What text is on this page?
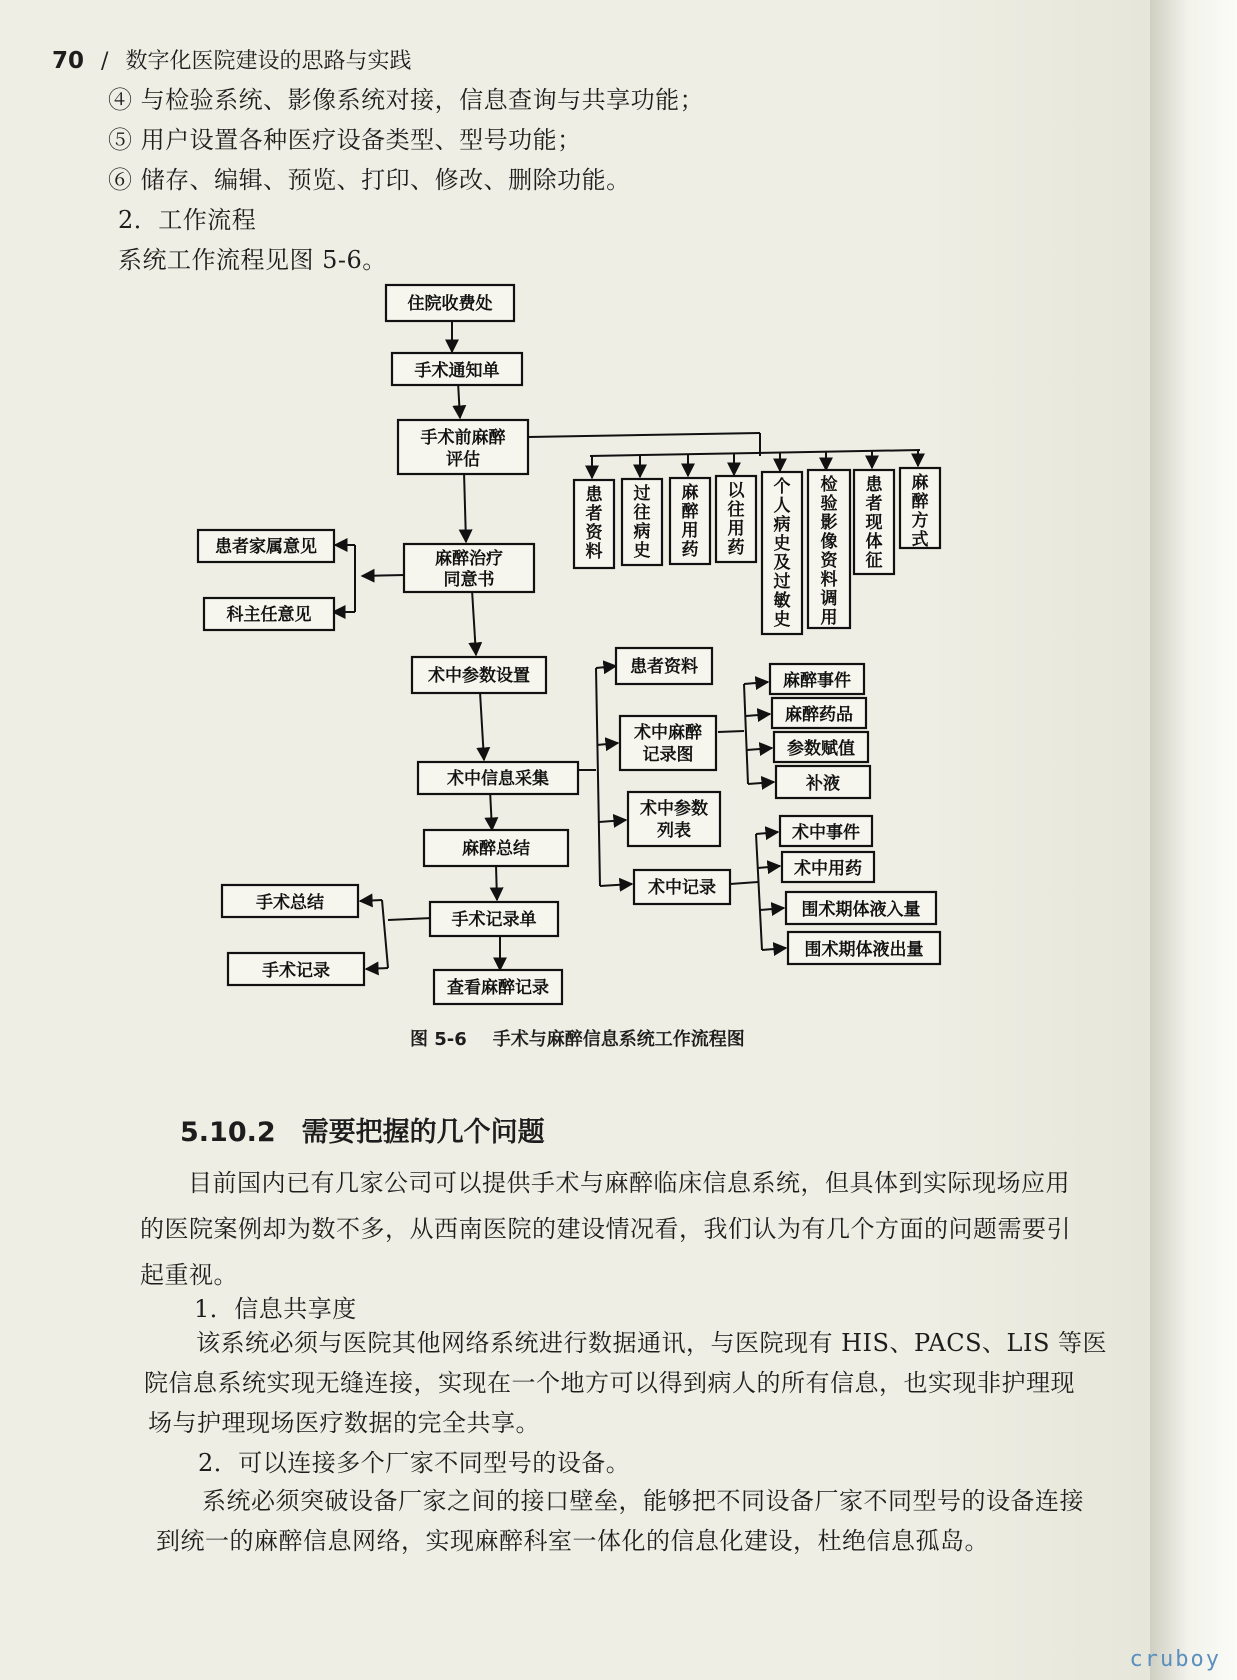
70 / 数字化医院建设的思路与实践
④ 与检验系统、影像系统对接，信息查询与共享功能；
⑤ 用户设置各种医疗设备类型、型号功能；
⑥ 储存、编辑、预览、打印、修改、删除功能。
2．工作流程
系统工作流程见图 5-6。
住院收费处
手术通知单
手术前麻醉
评估
麻醉治疗
同意书
术中参数设置
术中信息采集
麻醉总结
手术记录单
查看麻醉记录
患者家属意见
科主任意见
患者资料
术中麻醉
记录图
术中参数
列表
术中记录
麻醉事件
麻醉药品
参数赋值
补液
术中事件
术中用药
围术期体液入量
围术期体液出量
手术总结
手术记录
患者资料
过往病史
麻醉用药
以往用药
个人病史及过敏史
检验影像资料调用
患者现体征
麻醉方式
图 5-6 手术与麻醉信息系统工作流程图
5.10.2 需要把握的几个问题
目前国内已有几家公司可以提供手术与麻醉临床信息系统，但具体到实际现场应用
的医院案例却为数不多，从西南医院的建设情况看，我们认为有几个方面的问题需要引
起重视。
1．信息共享度
该系统必须与医院其他网络系统进行数据通讯，与医院现有 HIS、PACS、LIS 等医
院信息系统实现无缝连接，实现在一个地方可以得到病人的所有信息，也实现非护理现
场与护理现场医疗数据的完全共享。
2．可以连接多个厂家不同型号的设备。
系统必须突破设备厂家之间的接口壁垒，能够把不同设备厂家不同型号的设备连接
到统一的麻醉信息网络，实现麻醉科室一体化的信息化建设，杜绝信息孤岛。
cruboy
